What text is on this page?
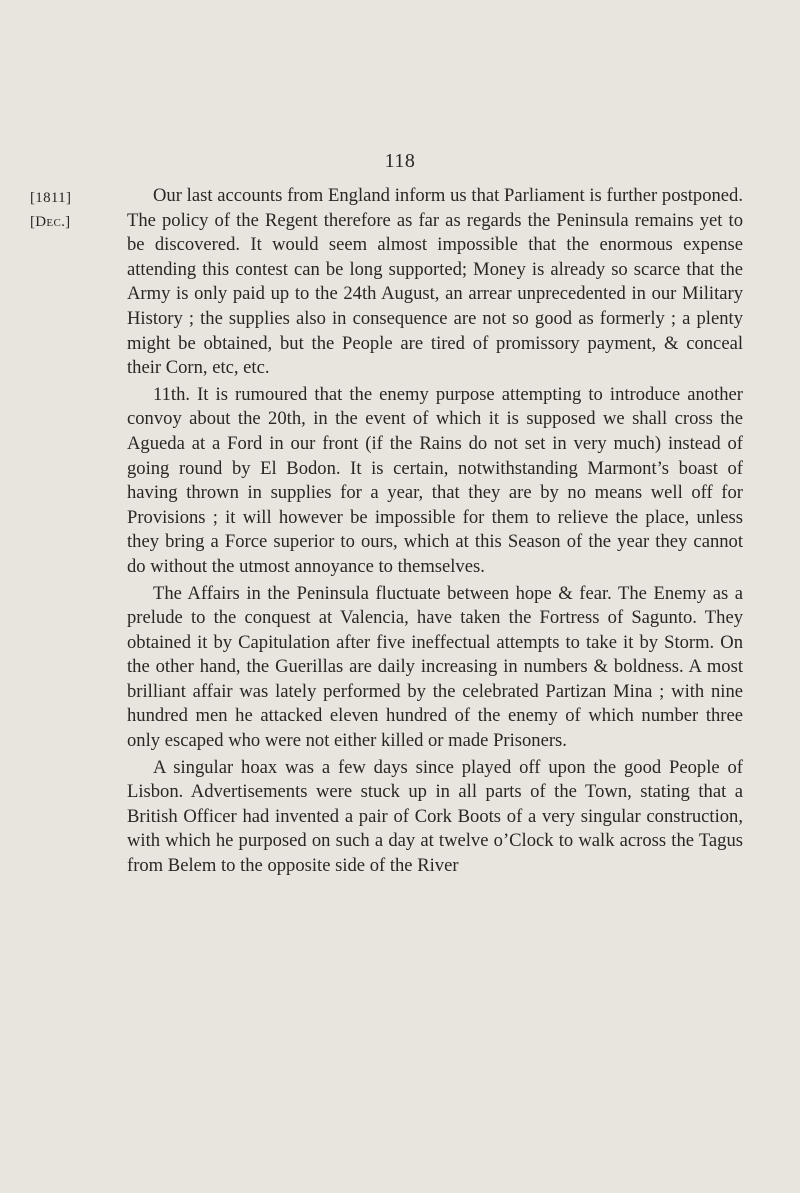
118
[1811]
[Dec.]

Our last accounts from England inform us that Parliament is further postponed. The policy of the Regent therefore as far as regards the Peninsula remains yet to be discovered. It would seem almost impossible that the enormous expense attending this contest can be long supported; Money is already so scarce that the Army is only paid up to the 24th August, an arrear unprecedented in our Military History ; the supplies also in consequence are not so good as formerly ; a plenty might be obtained, but the People are tired of promissory payment, & conceal their Corn, etc, etc.

11th. It is rumoured that the enemy purpose attempting to introduce another convoy about the 20th, in the event of which it is supposed we shall cross the Agueda at a Ford in our front (if the Rains do not set in very much) instead of going round by El Bodon. It is certain, notwithstanding Marmont’s boast of having thrown in supplies for a year, that they are by no means well off for Provisions ; it will however be impossible for them to relieve the place, unless they bring a Force superior to ours, which at this Season of the year they cannot do without the utmost annoyance to themselves.

The Affairs in the Peninsula fluctuate between hope & fear. The Enemy as a prelude to the conquest at Valencia, have taken the Fortress of Sagunto. They obtained it by Capitulation after five ineffectual attempts to take it by Storm. On the other hand, the Guerillas are daily increasing in numbers & boldness. A most brilliant affair was lately performed by the celebrated Partizan Mina ; with nine hundred men he attacked eleven hundred of the enemy of which number three only escaped who were not either killed or made Prisoners.

A singular hoax was a few days since played off upon the good People of Lisbon. Advertisements were stuck up in all parts of the Town, stating that a British Officer had invented a pair of Cork Boots of a very singular construction, with which he purposed on such a day at twelve o’Clock to walk across the Tagus from Belem to the opposite side of the River
